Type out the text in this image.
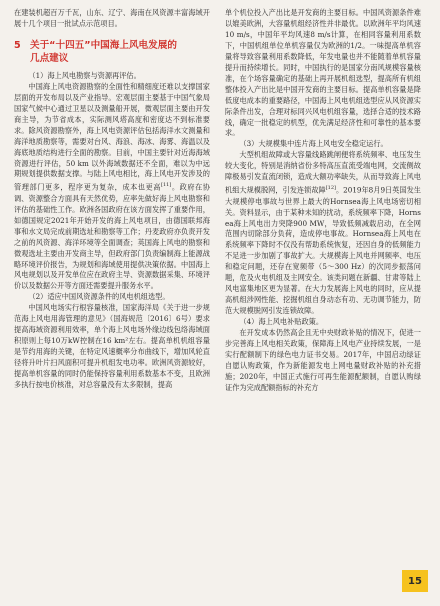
在建装机超百万千瓦，山东、辽宁、海南在风资源丰富海域开展十几个项目一批试点示范项目。

5 关于“十四五”中国海上风电发展的
几点建议

（1）海上风电勘察与资源再评估。

中国海上风电资源勘察的全面性和精细度还难以支撑国家层面的开发布局以及产业指导。宏观层面主要基于中国气象局国家气候中心通过卫星以及测量船开展，微观层面主要由开发商主导，为节省成本，实际测风塔高度和密度达不到标准要求。除风资源勘察外，海上风电资源评估包括海洋水文测量和海洋地质勘察等，需要对台风、海浪、海冰、海雾、海温以及海底地质结构进行全面的勘察。目前，中国主要针对近海海域资源进行评估，50 km 以外海域数据还不全面，难以为中远期规划提供数据支撑。与陆上风电相比，海上风电开发涉及的管理部门更多，程序更为复杂，成本也更高[11]。政府在协调、资源整合方面具有天然优势，应率先做好海上风电勘察和评估的基础性工作。欧洲各国政府在该方面发挥了重要作用，如德国规定2021年开始开发的海上风电项目，由德国联邦海事和水文局完成前期选址和勘察等工作；丹麦政府亦负责开发之前的风资源、海洋环境等全面调查；英国海上风电的勘察和微观选址主要由开发商主导，但政府部门负责编制海上能源战略环境评价报告，为规划和海域使用提供决策依据。中国海上风电规划以及开发单位应在政府主导、资源数据采集、环境评价以及数据公开等方面还需要提升服务水平。

（2）适应中国风资源条件的风电机组选型。

中国风电场实行根容量核准，国家海洋局《关于进一步规范海上风电用海管理的意见》（国海规范〔2016〕6号）要求提高海域资源利用效率，单个海上风电场外缘边线包络海域面积原则上每10万kW控制在16 km²左右。提高单机机组容量是节约用海的关键，在特定风速概率分布曲线下，增加风轮直径将升叶片扫风面积可提升机组发电功率。欧洲风资源较好，提高单机容量的同时仍能保持容量利用系数基本不变，且欧洲多执行按电价核准，对总容量没有太多限制，提高

单个机位投入产出比是开发商的主要目标。中国风资源条件难以媲美欧洲，大容量机组经济性并非最优。以欧洲年平均风速10 m/s，中国年平均风速8 m/s计算，在相同容量利用系数下，中国机组单位单机容量仅为欧洲的1/2。一味提高单机容量将导致容量利用系数降低，年发电量也并不能随着单机容量提升而持续增长。同时，中国执行的是国家分南风规模容量核准，在个场容量确定的基础上再开展机组选型，提高所有机组整体投入产出比是中国开发商的主要目标。提高单机容量是降低度电成本的重要路径，中国海上风电机组选型应从风资源实际条件出发，合理对标同兴风电机组容量，选择合适的技术路线，确定一批稳定的机型，优先满足经济性和可靠性的基本要求。

（3）大规模集中连片海上风电安全稳定运行。

大型机组故障或大容量线路跳闸便将系统频率、电压发生较大变化，特别是消纳省份多特高压直流受端电网，交流侧故障极易引发直流闭锁，造成大额功率缺失，从而导致海上风电机组大规模脱网，引发连锁故障[12]。2019年8月9日英国发生大规模停电事故与世界上最大的Hornsea海上风电场密切相关。资料显示，由于某种未知的扰动，系统频率下降，Hornsea海上风电出力突降900 MW，导致低频减载启动，在全网范围内切除部分负荷，造成停电事故。Hornsea海上风电在系统频率下降时不仅没有帮助系统恢复，还因自身的低频能力不足进一步加剧了事故扩大。大规模海上风电并网频率、电压和稳定问题，还存在宽频带（5～300 Hz）的次同步振荡问题，危及火电机组及主网安全。该类问题在新疆、甘肃等陆上风电富集地区更为显著。在大力发展海上风电的同时，应从提高机组涉网性能、挖掘机组自身动态有功、无功调节能力，防范大规模脱网引发连锁故障。

（4）海上风电补贴政策。

在开发成本仍然高企且无中央财政补贴的情况下，促进一步完善海上风电相关政策，保障海上风电产业持续发展，一是实行配额制下的绿色电力证书交易。2017年，中国启动绿证自愿认购政策，作为新能源发电上网电量财政补贴的补充措施；2020年，中国正式施行可再生能源配额制，自愿认购绿证作为完成配额指标的补充方

15
